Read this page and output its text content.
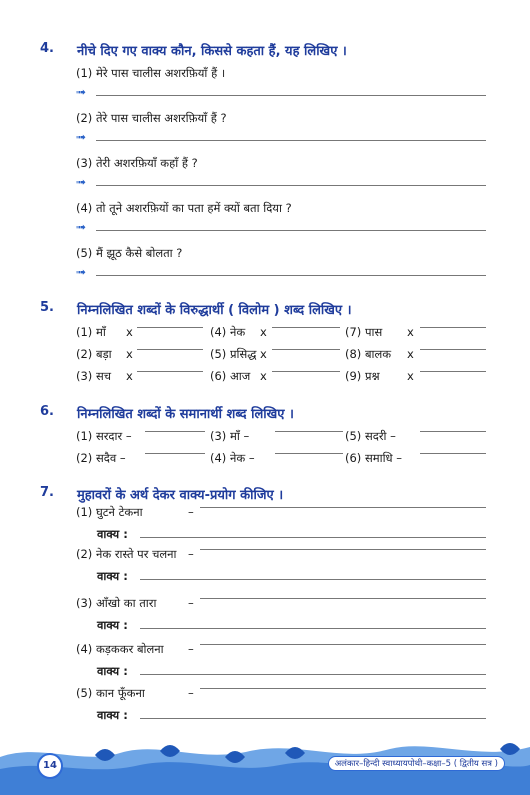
4. नीचे दिए गए वाक्य कौन, किससे कहता हैं, यह लिखिए ।
(1) मेरे पास चालीस अशरफ़ियाँ हैं ।
➟
(2) तेरे पास चालीस अशरफ़ियाँ हैं ?
➟
(3) तेरी अशरफ़ियाँ कहाँ हैं ?
➟
(4) तो तूने अशरफ़ियों का पता हमें क्यों बता दिया ?
➟
(5) मैं झूठ कैसे बोलता ?
➟
5. निम्नलिखित शब्दों के विरुद्धार्थी ( विलोम ) शब्द लिखिए ।
(1) माँ x	(4) नेक x	(7) पास x
(2) बड़ा x	(5) प्रसिद्ध x	(8) बालक x
(3) सच x	(6) आज x	(9) प्रश्न x
6. निम्नलिखित शब्दों के समानार्थी शब्द लिखिए ।
(1) सरदार –	(3) माँ –	(5) सदरी –
(2) सदैव –	(4) नेक –	(6) समाधि –
7. मुहावरों के अर्थ देकर वाक्य-प्रयोग कीजिए ।
(1) घुटने टेकना	–
वाक्य :
(2) नेक रास्ते पर चलना –
वाक्य :
(3) आँखो का तारा	–
वाक्य :
(4) कड़ककर बोलना –
वाक्य :
(5) कान फूँकना	–
वाक्य :
14	अलंकार–हिन्दी स्वाध्यायपोथी–कक्षा–5 ( द्वितीय सत्र )
